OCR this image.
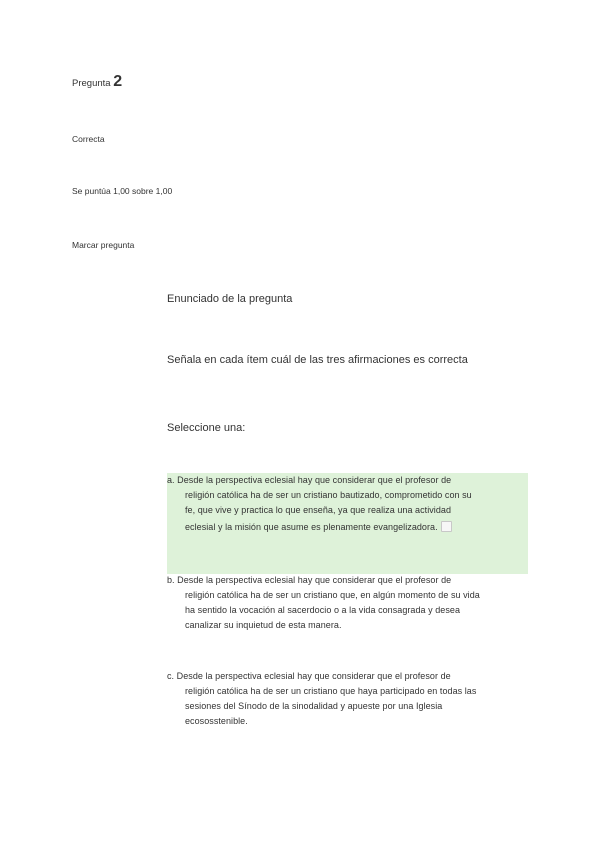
Pregunta 2
Correcta
Se puntúa 1,00 sobre 1,00
Marcar pregunta
Enunciado de la pregunta
Señala en cada ítem cuál de las tres afirmaciones es correcta
Seleccione una:
a. Desde la perspectiva eclesial hay que considerar que el profesor de
religión católica ha de ser un cristiano bautizado, comprometido con su
fe, que vive y practica lo que enseña, ya que realiza una actividad
eclesial y la misión que asume es plenamente evangelizadora.
b. Desde la perspectiva eclesial hay que considerar que el profesor de
religión católica ha de ser un cristiano que, en algún momento de su vida
ha sentido la vocación al sacerdocio o a la vida consagrada y desea
canalizar su inquietud de esta manera.
c. Desde la perspectiva eclesial hay que considerar que el profesor de
religión católica ha de ser un cristiano que haya participado en todas las
sesiones del Sínodo de la sinodalidad y apueste por una Iglesia
ecososstenible.
